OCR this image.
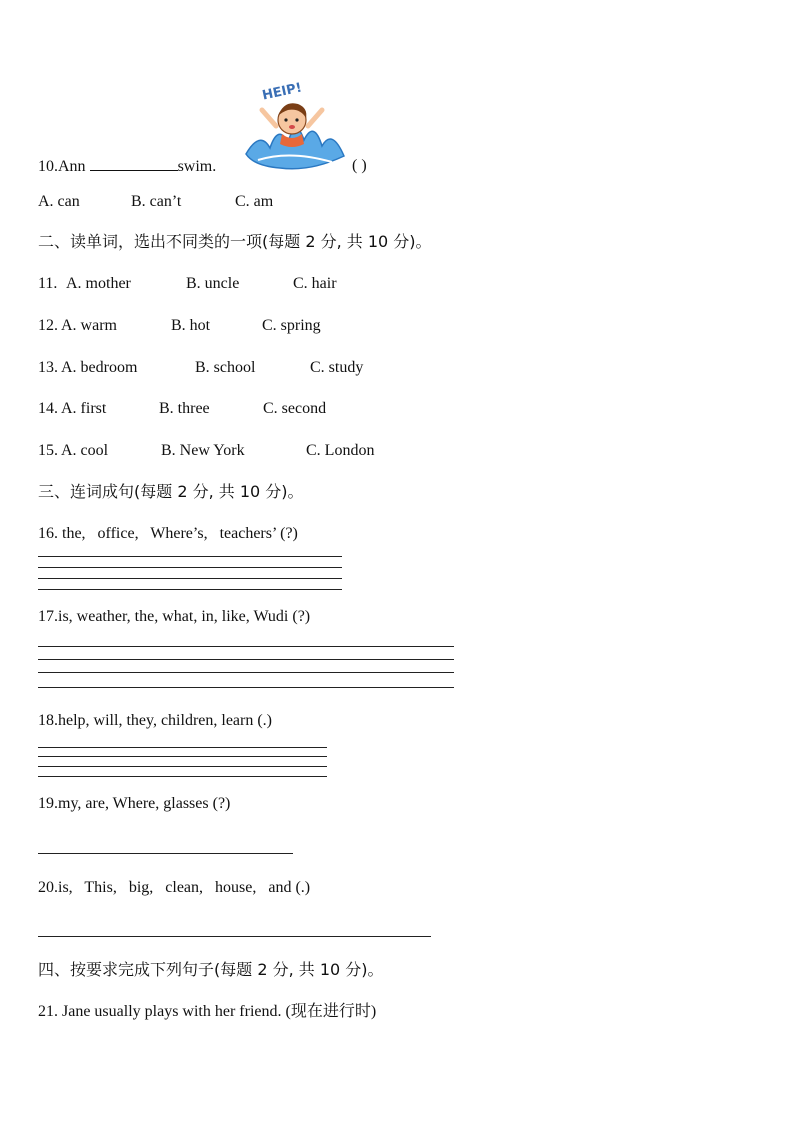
HEIP!
10.Ann	swim.	( )
A. can	B. can’t	C. am
二、读单词，选出不同类的一项(每题 2 分, 共 10 分)。
11. A. mother	B. uncle	C. hair
12. A. warm	B. hot	C. spring
13. A. bedroom	B. school	C. study
14. A. first	B. three	C. second
15. A. cool	B. New York	C. London
三、连词成句(每题 2 分, 共 10 分)。
16. the,   office,   Where’s,   teachers’ (?)
17.is, weather, the, what, in, like, Wudi (?)
18.help, will, they, children, learn (.)
19.my, are, Where, glasses (?)
20.is,   This,   big,   clean,   house,   and (.)
四、按要求完成下列句子(每题 2 分, 共 10 分)。
21. Jane usually plays with her friend. (现在进行时)
